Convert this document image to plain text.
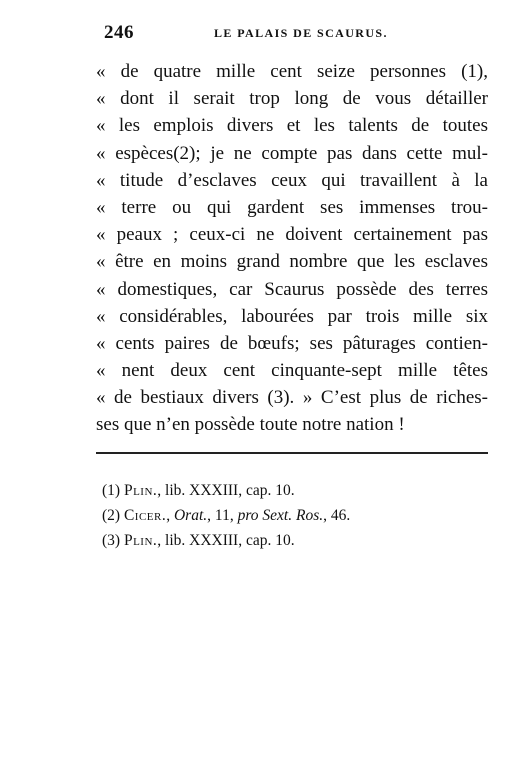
246	LE PALAIS DE SCAURUS.
« de quatre mille cent seize personnes (1),
« dont il serait trop long de vous détailler
« les emplois divers et les talents de toutes
« espèces(2); je ne compte pas dans cette mul-
« titude d’esclaves ceux qui travaillent à la
« terre ou qui gardent ses immenses trou-
« peaux ; ceux-ci ne doivent certainement pas
« être en moins grand nombre que les esclaves
« domestiques, car Scaurus possède des terres
« considérables, labourées par trois mille six
« cents paires de bœufs; ses pâturages contien-
« nent deux cent cinquante-sept mille têtes
« de bestiaux divers (3). » C’est plus de riches-
ses que n’en possède toute notre nation !
(1) Plin., lib. XXXIII, cap. 10.
(2) Cicer., Orat., 11, pro Sext. Ros., 46.
(3) Plin., lib. XXXIII, cap. 10.
